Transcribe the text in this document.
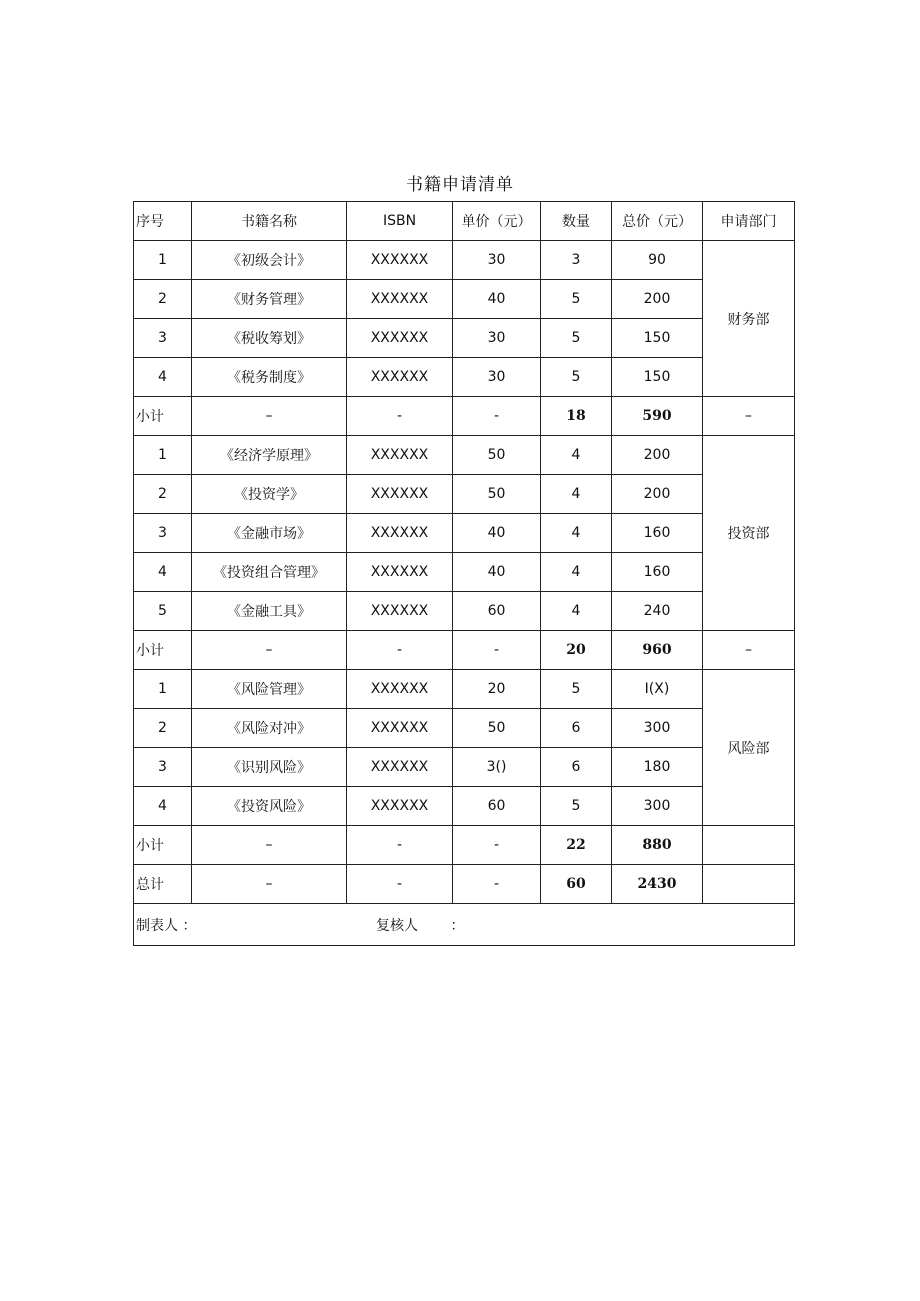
书籍申请清单
序号	书籍名称	ISBN	单价（元）	数量	总价（元）	申请部门
1	《初级会计》	XXXXXX	30	3	90	财务部
2	《财务管理》	XXXXXX	40	5	200	
3	《税收筹划》	XXXXXX	30	5	150	
4	《税务制度》	XXXXXX	30	5	150	
小计	–	-	-	18	590	–
1	《经济学原理》	XXXXXX	50	4	200	投资部
2	《投资学》	XXXXXX	50	4	200	
3	《金融市场》	XXXXXX	40	4	160	
4	《投资组合管理》	XXXXXX	40	4	160	
5	《金融工具》	XXXXXX	60	4	240	
小计	–	-	-	20	960	–
1	《风险管理》	XXXXXX	20	5	I(X)	风险部
2	《风险对冲》	XXXXXX	50	6	300	
3	《识别风险》	XXXXXX	3()	6	180	
4	《投资风险》	XXXXXX	60	5	300	
小计	–	-	-	22	880	
总计	–	-	-	60	2430	
制表人 ： 复核人 　　：						
